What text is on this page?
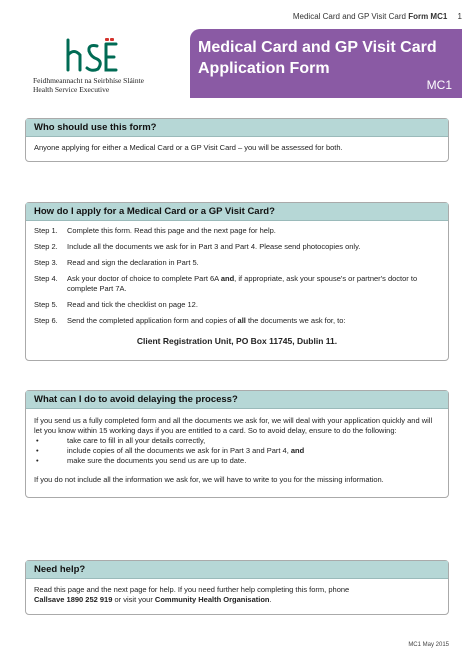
Medical Card and GP Visit Card Form MC1 1
Feidhmeannacht na Seirbhíse Sláinte
Health Service Executive
Medical Card and GP Visit Card
Application Form
MC1
Who should use this form?
Anyone applying for either a Medical Card or a GP Visit Card – you will be assessed for both.
How do I apply for a Medical Card or a GP Visit Card?
Step 1.	Complete this form. Read this page and the next page for help.
Step 2.	Include all the documents we ask for in Part 3 and Part 4. Please send photocopies only.
Step 3.	Read and sign the declaration in Part 5.
Step 4.	Ask your doctor of choice to complete Part 6A and, if appropriate, ask your spouse's or partner's doctor to complete Part 7A.
Step 5.	Read and tick the checklist on page 12.
Step 6.	Send the completed application form and copies of all the documents we ask for, to:
Client Registration Unit, PO Box 11745, Dublin 11.
What can I do to avoid delaying the process?
If you send us a fully completed form and all the documents we ask for, we will deal with your application quickly and will let you know within 15 working days if you are entitled to a card. So to avoid delay, ensure to do the following:
•	take care to fill in all your details correctly,
•	include copies of all the documents we ask for in Part 3 and Part 4, and
•	make sure the documents you send us are up to date.
If you do not include all the information we ask for, we will have to write to you for the missing information.
Need help?
Read this page and the next page for help. If you need further help completing this form, phone
Callsave 1890 252 919 or visit your Community Health Organisation.
MC1 May 2015
